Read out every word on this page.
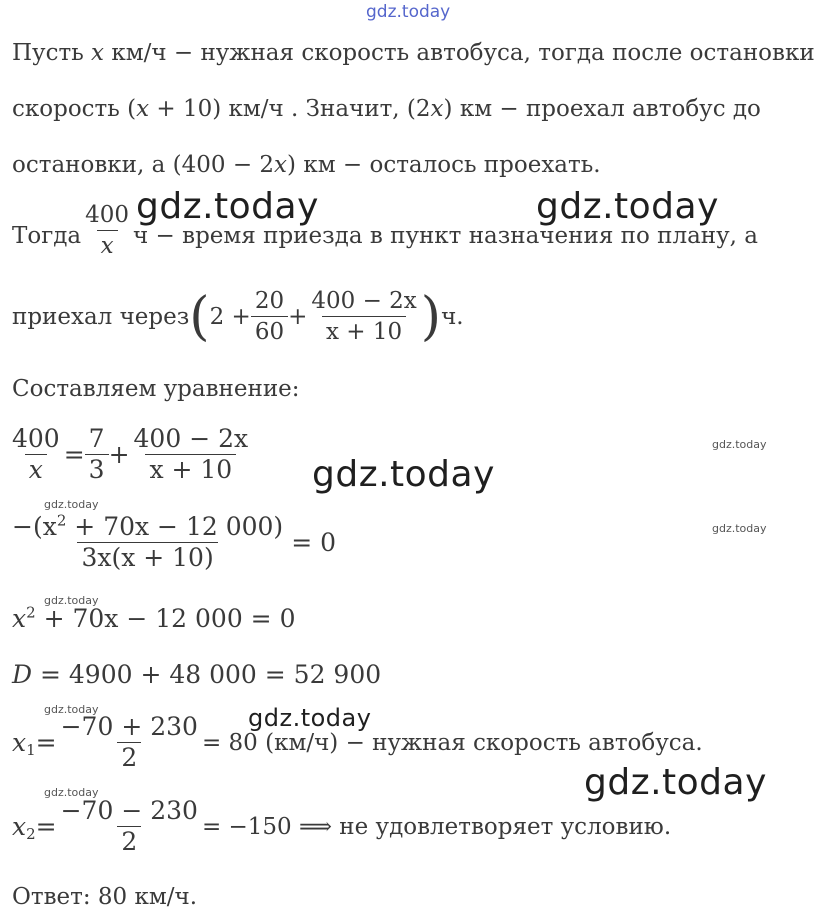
gdz.today
Пусть x км/ч − нужная скорость автобуса, тогда после остановки
скорость (x + 10) км/ч . Значит, (2x) км − проехал автобус до
остановки, а (400 − 2x) км − осталось проехать.
Тогда $\frac{400}{x}$ ч − время приезда в пункт назначения по плану, а
приехал через ( $2 + \frac{20}{60} + \frac{400 - 2x}{x + 10}$ ) ч.
Составляем уравнение:
$\frac{400}{x} = \frac{7}{3} + \frac{400 - 2x}{x + 10}$
$\frac{-(x^2 + 70x - 12 000)}{3x(x + 10)} = 0$
$x^2 + 70x - 12$ 000 = 0
D = 4900 + 48 000 = 52 900
x $1 = \frac{-70 + 230}{2} = 80$ (км/ч) − нужная скорость автобуса.
x $2 = \frac{-70 - 230}{2} = -150$ ⟹ не удовлетворяет условию.
Ответ: 80 км/ч.
gdz.today	gdz.today
gdz.today
gdz.today
gdz.today
gdz.today
gdz.today
gdz.today
gdz.today
gdz.today
gdz.today
